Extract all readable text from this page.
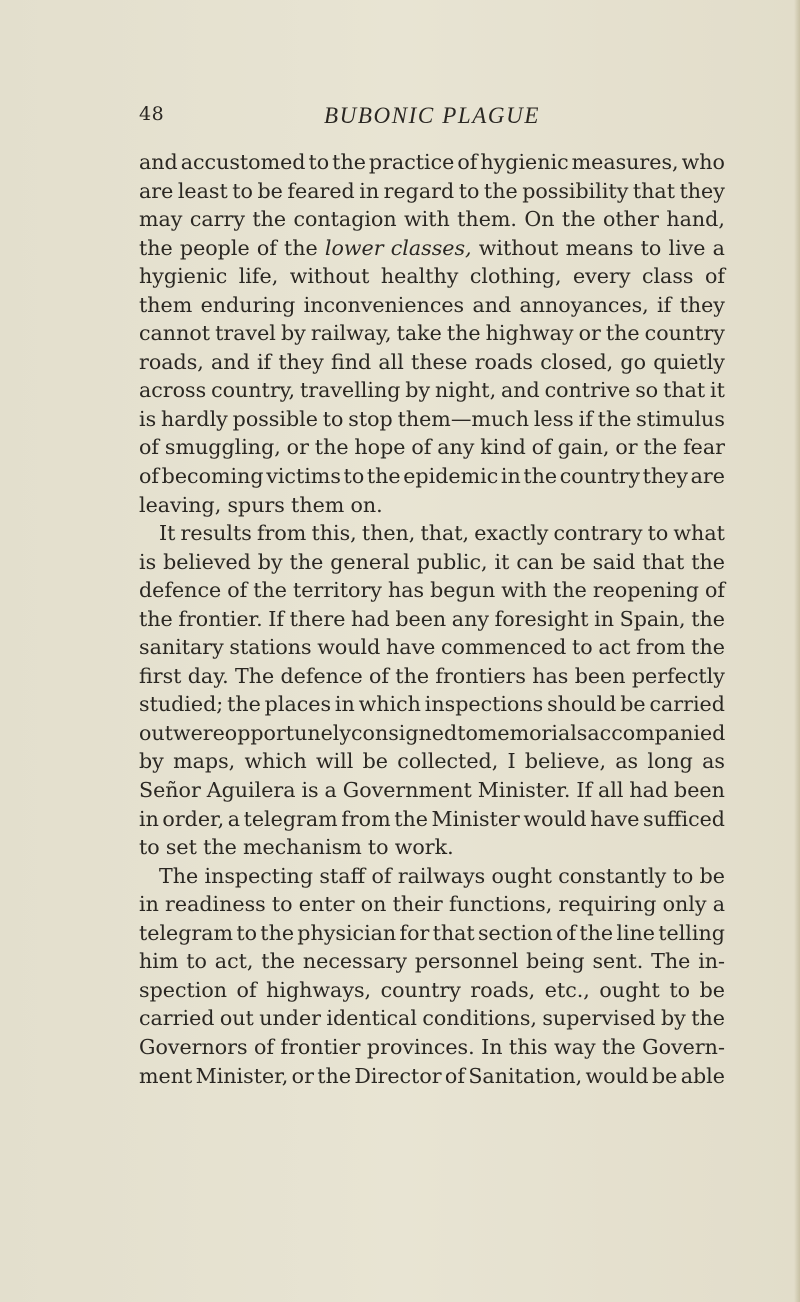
48	BUBONIC PLAGUE
and accustomed to the practice of hygienic measures, who
are least to be feared in regard to the possibility that they
may carry the contagion with them. On the other hand,
the people of the lower classes, without means to live a
hygienic life, without healthy clothing, every class of
them enduring inconveniences and annoyances, if they
cannot travel by railway, take the highway or the country
roads, and if they find all these roads closed, go quietly
across country, travelling by night, and contrive so that it
is hardly possible to stop them—much less if the stimulus
of smuggling, or the hope of any kind of gain, or the fear
of becoming victims to the epidemic in the country they are
leaving, spurs them on.
It results from this, then, that, exactly contrary to what
is believed by the general public, it can be said that the
defence of the territory has begun with the reopening of
the frontier. If there had been any foresight in Spain, the
sanitary stations would have commenced to act from the
first day. The defence of the frontiers has been perfectly
studied; the places in which inspections should be carried
out were opportunely consigned to memorials accompanied
by maps, which will be collected, I believe, as long as
Señor Aguilera is a Government Minister. If all had been
in order, a telegram from the Minister would have sufficed
to set the mechanism to work.
The inspecting staff of railways ought constantly to be
in readiness to enter on their functions, requiring only a
telegram to the physician for that section of the line telling
him to act, the necessary personnel being sent. The in-
spection of highways, country roads, etc., ought to be
carried out under identical conditions, supervised by the
Governors of frontier provinces. In this way the Govern-
ment Minister, or the Director of Sanitation, would be able
